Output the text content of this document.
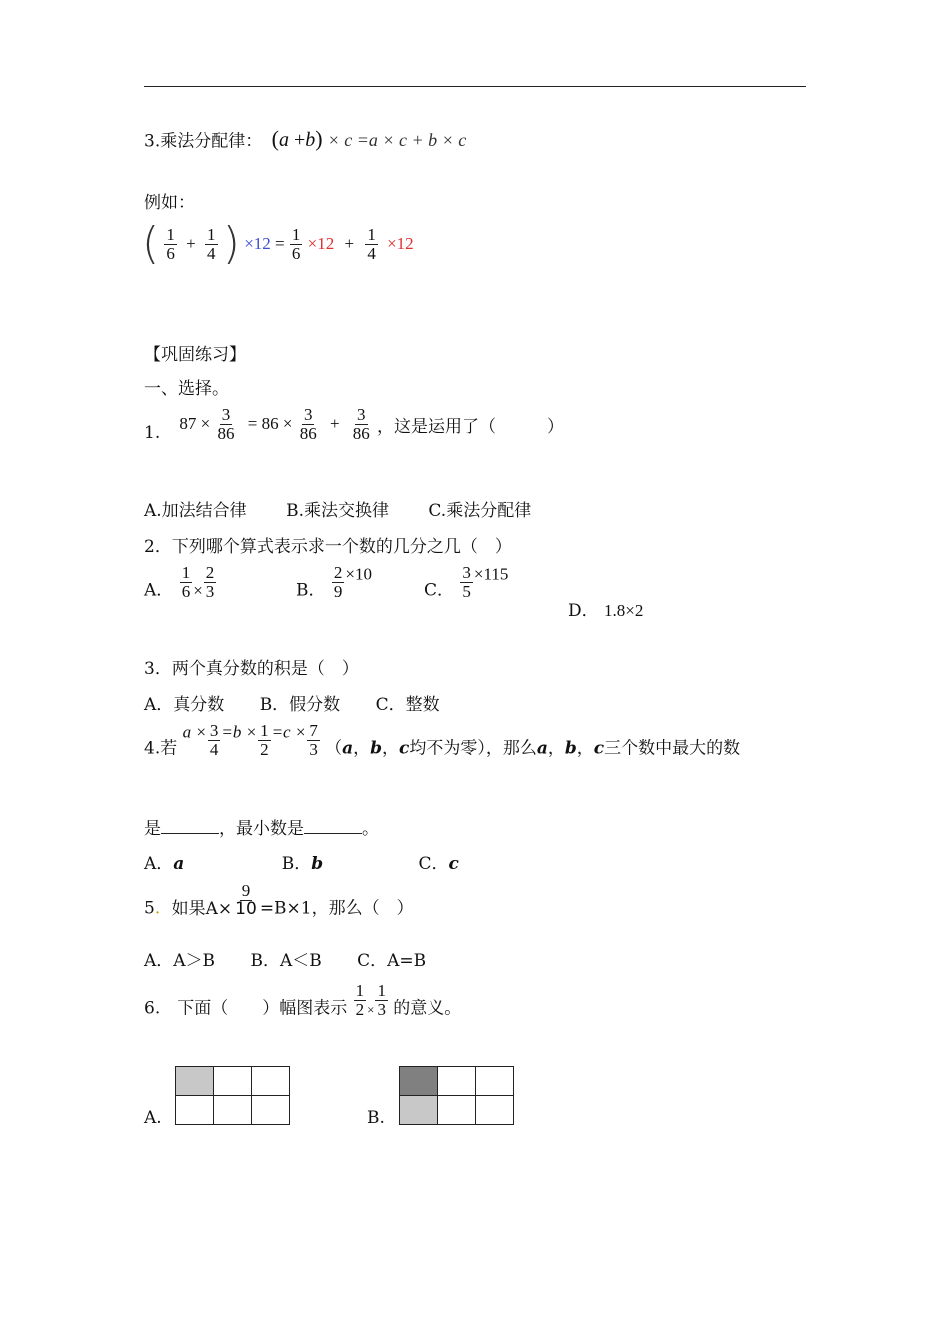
3.乘法分配律： (a +b) × c =a × c + b × c
例如：
( $\frac{1}{6} + \frac{1}{4}$ ) $\times 12 = \frac{1}{6} \times 12 + \frac{1}{4} \times 12$
【巩固练习】
一、选择。
1. $87 \times \frac{3}{86} = 86 \times \frac{3}{86} + \frac{3}{86}$ ，这是运用了（　　　）
A.加法结合律 B.乘法交换律 C.乘法分配律
2．下列哪个算式表示求一个数的几分之几（　）
A． $\frac{1}{6} \times \frac{2}{3}$	B． $\frac{2}{9} \times 10$
C． $\frac{3}{5} \times 115$
D． 1.8×2
3．两个真分数的积是（　）
A．真分数 B．假分数 C．整数
4.若 $a \times \frac{3}{4} =b \times \frac{1}{2} =c \times \frac{7}{3} (a$，b，c均不为零），那么a，b，c三个数中最大的数
是	，最小数是	。
A．a	B．b	C．c
5. 如果$A\times \frac{9}{10} =B\times 1$，那么（　）
A．A＞B B．A＜B C．A=B
6.　下面（　　）幅图表示 $\frac{1}{2} \times \frac{1}{3}$ 的意义。
A.

			B.
